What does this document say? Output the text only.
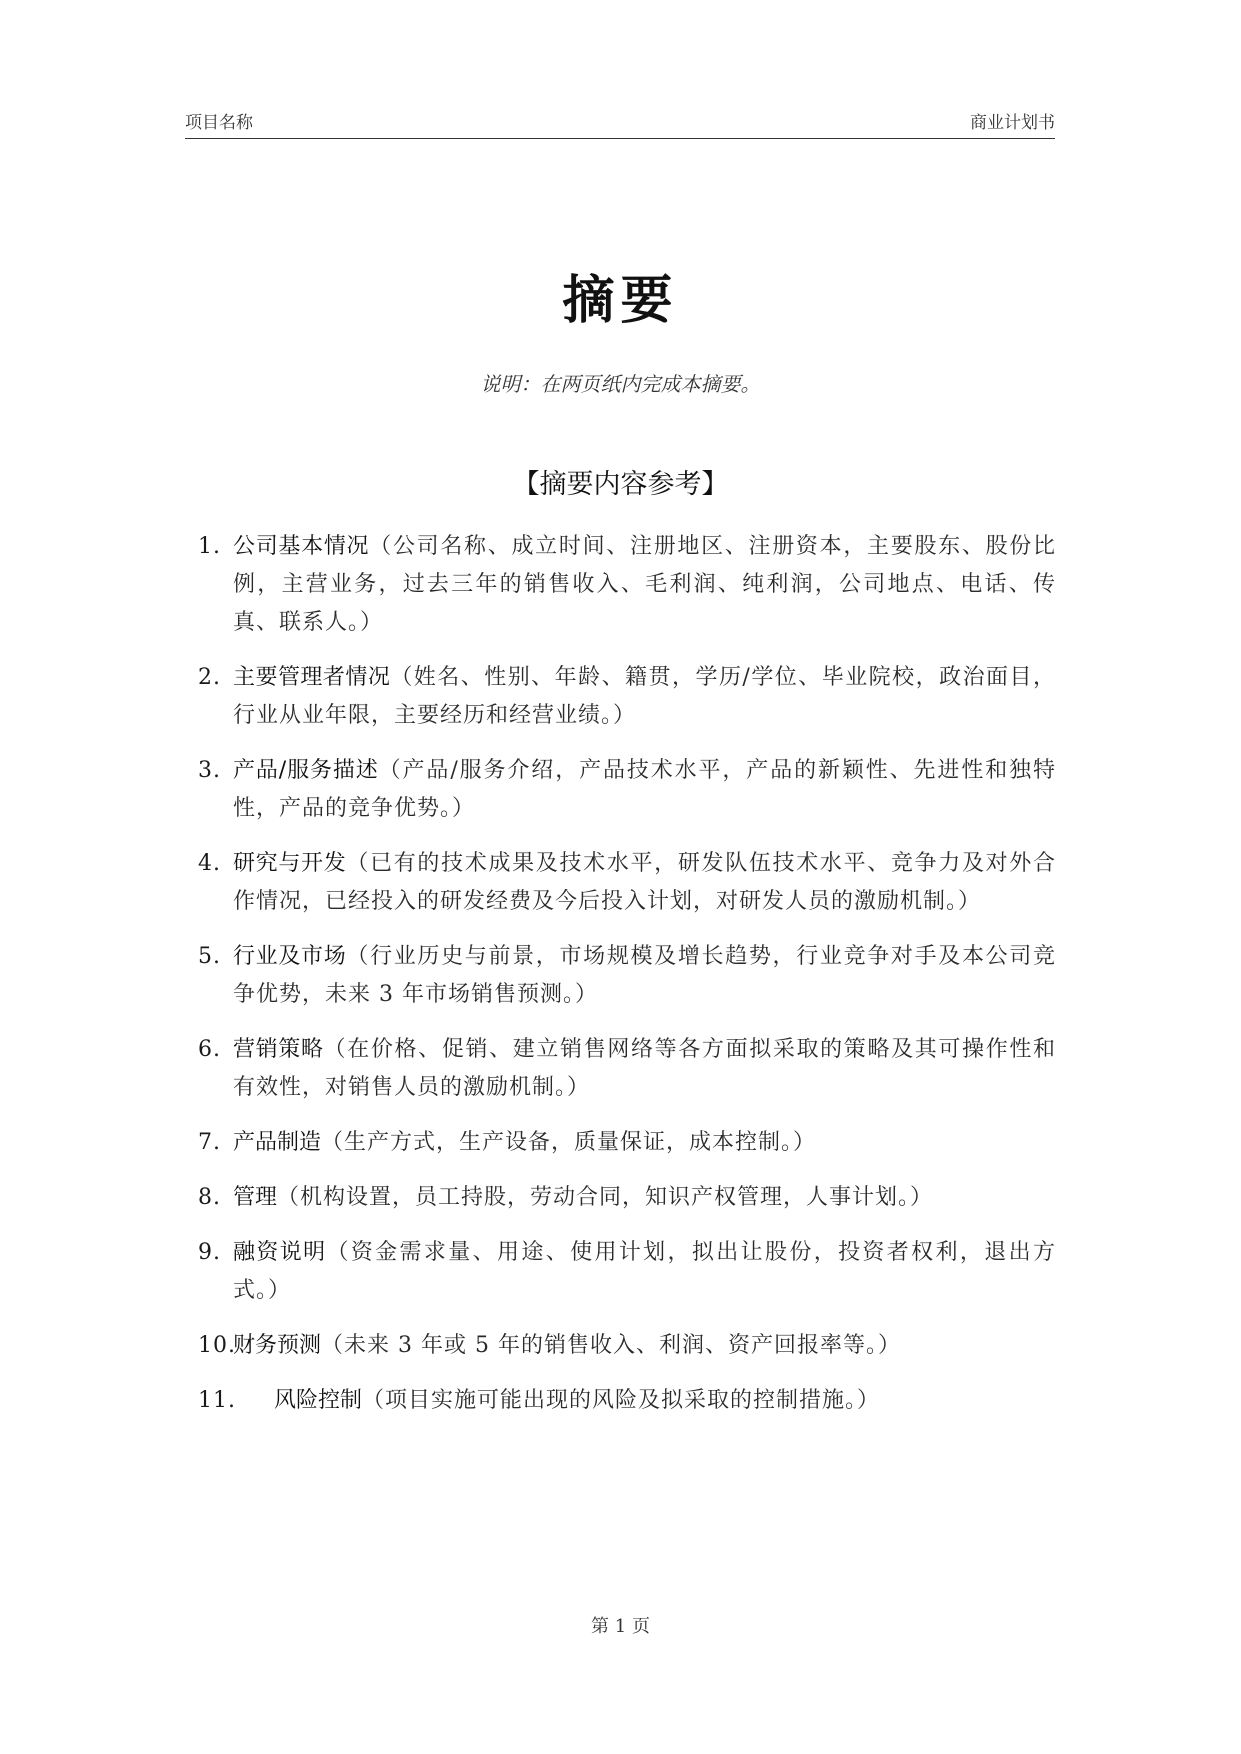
项目名称	商业计划书
摘要
说明：在两页纸内完成本摘要。
【摘要内容参考】
1. 公司基本情况（公司名称、成立时间、注册地区、注册资本，主要股东、股份比例，主营业务，过去三年的销售收入、毛利润、纯利润，公司地点、电话、传真、联系人。）
2. 主要管理者情况（姓名、性别、年龄、籍贯，学历/学位、毕业院校，政治面目，行业从业年限，主要经历和经营业绩。）
3. 产品/服务描述（产品/服务介绍，产品技术水平，产品的新颖性、先进性和独特性，产品的竞争优势。）
4. 研究与开发（已有的技术成果及技术水平，研发队伍技术水平、竞争力及对外合作情况，已经投入的研发经费及今后投入计划，对研发人员的激励机制。）
5. 行业及市场（行业历史与前景，市场规模及增长趋势，行业竞争对手及本公司竞争优势，未来 3 年市场销售预测。）
6. 营销策略（在价格、促销、建立销售网络等各方面拟采取的策略及其可操作性和有效性，对销售人员的激励机制。）
7. 产品制造（生产方式，生产设备，质量保证，成本控制。）
8. 管理（机构设置，员工持股，劳动合同，知识产权管理，人事计划。）
9. 融资说明（资金需求量、用途、使用计划，拟出让股份，投资者权利，退出方式。）
10.
财务预测（未来 3 年或 5 年的销售收入、利润、资产回报率等。）
11. 风险控制（项目实施可能出现的风险及拟采取的控制措施。）
第 1 页
